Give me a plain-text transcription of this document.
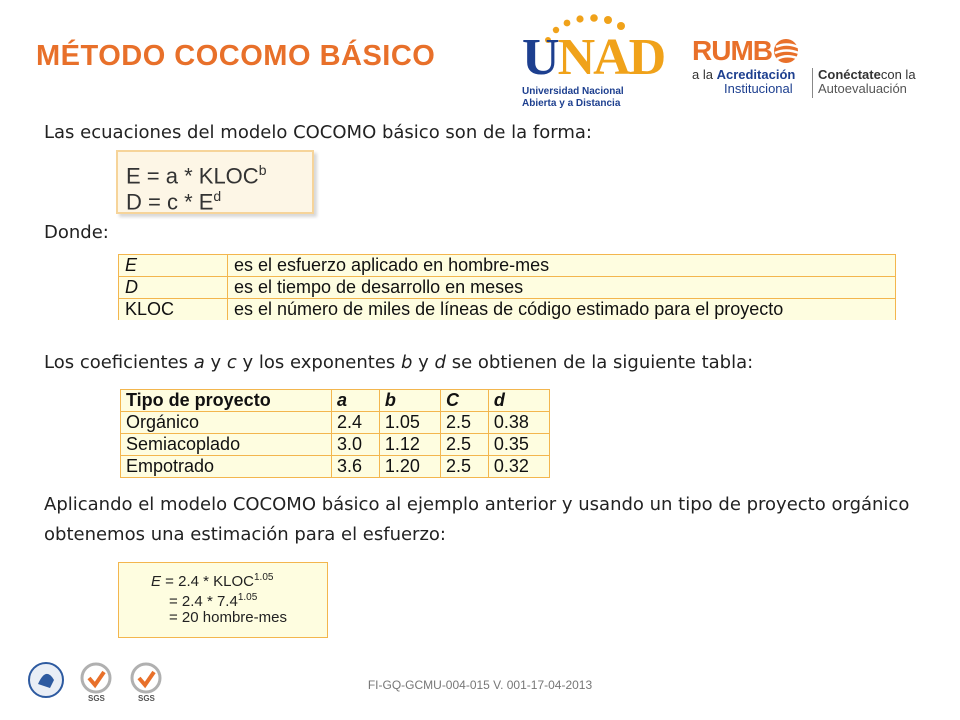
MÉTODO COCOMO BÁSICO UNAD
Universidad Nacional
Abierta y a Distancia
RUMB
a la Acreditación
Institucional
Conéctatecon la
Autoevaluación
Las ecuaciones del modelo COCOMO básico son de la forma:
E = a * KLOC$^b$
$D = c * E^d$
Donde:
E	es el esfuerzo aplicado en hombre-mes
D	es el tiempo de desarrollo en meses
KLOC	es el número de miles de líneas de código estimado para el proyecto
Los coeficientes a y c y los exponentes b y d se obtienen de la siguiente tabla:
Tipo de proyecto	a	b	C	d
Orgánico	2.4	1.05	2.5	0.38
Semiacoplado	3.0	1.12	2.5	0.35
Empotrado	3.6	1.20	2.5	0.32
Aplicando el modelo COCOMO básico al ejemplo anterior y usando un tipo de proyecto orgánico obtenemos una estimación para el esfuerzo:
$E = 2.4 * KLOC^{1.05}$
= $2.4 * 7.4^{1.05}$
= 20 hombre-mes
SGS	SGS
FI-GQ-GCMU-004-015 V. 001-17-04-2013
